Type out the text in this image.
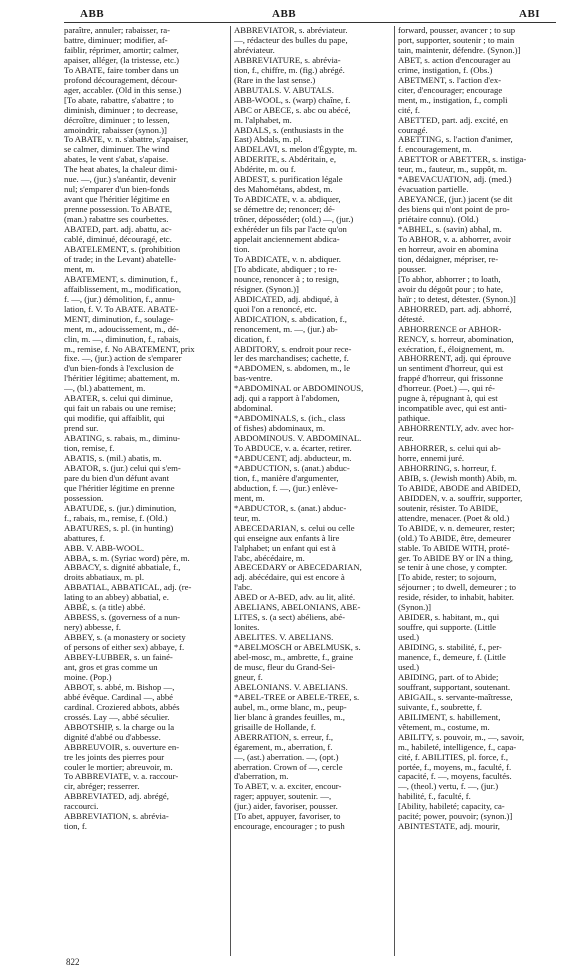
ABB	ABB	ABI
paraître, annuler; rabaisser, ra-
battre, diminuer; modifier, af-
faiblir, réprimer, amortir; calmer,
apaiser, alléger, (la tristesse, etc.)
To ABATE, faire tomber dans un
profond découragement, décour-
ager, accabler. (Old in this sense.)
[To abate, rabattre, s'abattre ; to
diminish, diminuer ; to decrease,
décroître, diminuer ; to lessen,
amoindrir, rabaisser (synon.)]
To ABATE, v. n. s'abattre, s'apaiser,
se calmer, diminuer. The wind
abates, le vent s'abat, s'apaise.
The heat abates, la chaleur dimi-
nue. —, (jur.) s'anéantir, devenir
nul; s'emparer d'un bien-fonds
avant que l'héritier légitime en
prenne possession. To ABATE,
(man.) rabattre ses courbettes.
ABATED, part. adj. abattu, ac-
cablé, diminué, découragé, etc.
ABATELEMENT, s. (prohibition
of trade; in the Levant) abatelle-
ment, m.
ABATEMENT, s. diminution, f.,
affaiblissement, m., modification,
f. —, (jur.) démolition, f., annu-
lation, f. V. To ABATE. ABATE-
MENT, diminution, f., soulage-
ment, m., adoucissement, m., dé-
clin, m. —, diminution, f., rabais,
m., remise, f. No ABATEMENT, prix
fixe. —, (jur.) action de s'emparer
d'un bien-fonds à l'exclusion de
l'héritier légitime; abattement, m.
—, (bl.) abattement, m.
ABATER, s. celui qui diminue,
qui fait un rabais ou une remise;
qui modifie, qui affaiblit, qui
prend sur.
ABATING, s. rabais, m., diminu-
tion, remise, f.
ABATIS, s. (mil.) abatis, m.
ABATOR, s. (jur.) celui qui s'em-
pare du bien d'un défunt avant
que l'héritier légitime en prenne
possession.
ABATUDE, s. (jur.) diminution,
f., rabais, m., remise, f. (Old.)
ABATURES, s. pl. (in hunting)
abattures, f.
ABB. V. ABB-WOOL.
ABBA, s. m. (Syriac word) père, m.
ABBACY, s. dignité abbatiale, f.,
droits abbatiaux, m. pl.
ABBATIAL, ABBATICAL, adj. (re-
lating to an abbey) abbatial, e.
ABBÉ, s. (a title) abbé.
ABBESS, s. (governess of a nun-
nery) abbesse, f.
ABBEY, s. (a monastery or society
of persons of either sex) abbaye, f.
ABBEY-LUBBER, s. un fainé-
ant, gros et gras comme un
moine. (Pop.)
ABBOT, s. abbé, m. Bishop —,
abbé évêque. Cardinal —, abbé
cardinal. Croziered abbots, abbés
crossés. Lay —, abbé séculier.
ABBOTSHIP, s. la charge ou la
dignité d'abbé ou d'abbesse.
ABBREUVOIR, s. ouverture en-
tre les joints des pierres pour
couler le mortier; abreuvoir, m.
To ABBREVIATE, v. a. raccour-
cir, abréger; resserrer.
ABBREVIATED, adj. abrégé,
raccourci.
ABBREVIATION, s. abrévia-
tion, f.
ABBREVIATOR, s. abréviateur.
—, rédacteur des bulles du pape,
abréviateur.
ABBREVIATURE, s. abrévia-
tion, f., chiffre, m. (fig.) abrégé.
(Rare in the last sense.)
ABBUTALS. V. ABUTALS.
ABB-WOOL, s. (warp) chaîne, f.
ABC or ABECE, s. abc ou abécé,
m. l'alphabet, m.
ABDALS, s. (enthusiasts in the
East) Abdals, m. pl.
ABDELAVI, s. melon d'Égypte, m.
ABDERITE, s. Abdéritain, e,
Abdérite, m. ou f.
ABDEST, s. purification légale
des Mahométans, abdest, m.
To ABDICATE, v. a. abdiquer,
se démettre de; renoncer; dé-
trôner, déposséder; (old.) —, (jur.)
exhéréder un fils par l'acte qu'on
appelait anciennement abdica-
tion.
To ABDICATE, v. n. abdiquer.
[To abdicate, abdiquer ; to re-
nounce, renoncer à ; to resign,
résigner. (Synon.)]
ABDICATED, adj. abdiqué, à
quoi l'on a renoncé, etc.
ABDICATION, s. abdication, f.,
renoncement, m. —, (jur.) ab-
dication, f.
ABDITORY, s. endroit pour rece-
ler des marchandises; cachette, f.
*ABDOMEN, s. abdomen, m., le
bas-ventre.
*ABDOMINAL or ABDOMINOUS,
adj. qui a rapport à l'abdomen,
abdominal.
*ABDOMINALS, s. (ich., class
of fishes) abdominaux, m.
ABDOMINOUS. V. ABDOMINAL.
To ABDUCE, v. a. écarter, retirer.
*ABDUCENT, adj. abducteur, m.
*ABDUCTION, s. (anat.) abduc-
tion, f., manière d'argumenter,
abduction, f. —, (jur.) enlève-
ment, m.
*ABDUCTOR, s. (anat.) abduc-
teur, m.
ABECEDARIAN, s. celui ou celle
qui enseigne aux enfants à lire
l'alphabet; un enfant qui est à
l'abc, abécédaire, m.
ABECEDARY or ABECEDARIAN,
adj. abécédaire, qui est encore à
l'abc.
ABED or A-BED, adv. au lit, alité.
ABELIANS, ABELONIANS, ABE-
LITES, s. (a sect) abéliens, abé-
lonites.
ABELITES. V. ABELIANS.
*ABELMOSCH or ABELMUSK, s.
abel-mosc, m., ambrette, f., graine
de musc, fleur du Grand-Sei-
gneur, f.
ABELONIANS. V. ABELIANS.
*ABEL-TREE or ABELE-TREE, s.
aubel, m., orme blanc, m., peup-
lier blanc à grandes feuilles, m.,
grisaille de Hollande, f.
ABERRATION, s. erreur, f.,
égarement, m., aberration, f.
—, (ast.) aberration. —, (opt.)
aberration. Crown of —, cercle
d'aberration, m.
To ABET, v. a. exciter, encour-
rager; appuyer, soutenir. —,
(jur.) aider, favoriser, pousser.
[To abet, appuyer, favoriser, to
encourage, encourager ; to push
forward, pousser, avancer ; to sup
port, supporter, soutenir ; to main
tain, maintenir, défendre. (Synon.)]
ABET, s. action d'encourager au
crime, instigation, f. (Obs.)
ABETMENT, s. l'action d'ex-
citer, d'encourager; encourage
ment, m., instigation, f., compli
cité, f.
ABETTED, part. adj. excité, en
couragé.
ABETTING, s. l'action d'animer,
f. encouragement, m.
ABETTOR or ABETTER, s. instiga-
teur, m., fauteur, m., suppôt, m.
*ABEVACUATION, adj. (med.)
évacuation partielle.
ABEYANCE, (jur.) jacent (se dit
des biens qui n'ont point de pro-
priétaire connu). (Old.)
*ABHEL, s. (savin) abhal, m.
To ABHOR, v. a. abhorrer, avoir
en horreur, avoir en abomina
tion, dédaigner, mépriser, re-
pousser.
[To abhor, abhorrer ; to loath,
avoir du dégoût pour ; to hate,
haïr ; to detest, détester. (Synon.)]
ABHORRED, part. adj. abhorré,
détesté.
ABHORRENCE or ABHOR-
RENCY, s. horreur, abomination,
exécration, f., éloignement, m.
ABHORRENT, adj. qui éprouve
un sentiment d'horreur, qui est
frappé d'horreur, qui frissonne
d'horreur. (Poet.) —, qui ré-
pugne à, répugnant à, qui est
incompatible avec, qui est anti-
pathique.
ABHORRENTLY, adv. avec hor-
reur.
ABHORRER, s. celui qui ab-
horre, ennemi juré.
ABHORRING, s. horreur, f.
ABIB, s. (Jewish month) Abib, m.
To ABIDE, ABODE and ABIDED,
ABIDDEN, v. a. souffrir, supporter,
soutenir, résister. To ABIDE,
attendre, menacer. (Poet & old.)
To ABIDE, v. n. demeurer, rester;
(old.) To ABIDE, être, demeurer
stable. To ABIDE WITH, proté-
ger. To ABIDE BY or IN a thing,
se tenir à une chose, y compter.
[To abide, rester; to sojourn,
séjourner ; to dwell, demeurer ; to
reside, résider, to inhabit, habiter.
(Synon.)]
ABIDER, s. habitant, m., qui
souffre, qui supporte. (Little
used.)
ABIDING, s. stabilité, f., per-
manence, f., demeure, f. (Little
used.)
ABIDING, part. of to Abide;
souffrant, supportant, soutenant.
ABIGAIL, s. servante-maîtresse,
suivante, f., soubrette, f.
ABILIMENT, s. habillement,
vêtement, m., costume, m.
ABILITY, s. pouvoir, m., —, savoir,
m., habileté, intelligence, f., capa-
cité, f. ABILITIES, pl. force, f.,
portée, f., moyens, m., faculté, f.
capacité, f. —, moyens, facultés.
—, (theol.) vertu, f. —, (jur.)
habilité, f., faculté, f.
[Ability, habileté; capacity, ca-
pacité; power, pouvoir; (synon.)]
ABINTESTATE, adj. mourir,
822
